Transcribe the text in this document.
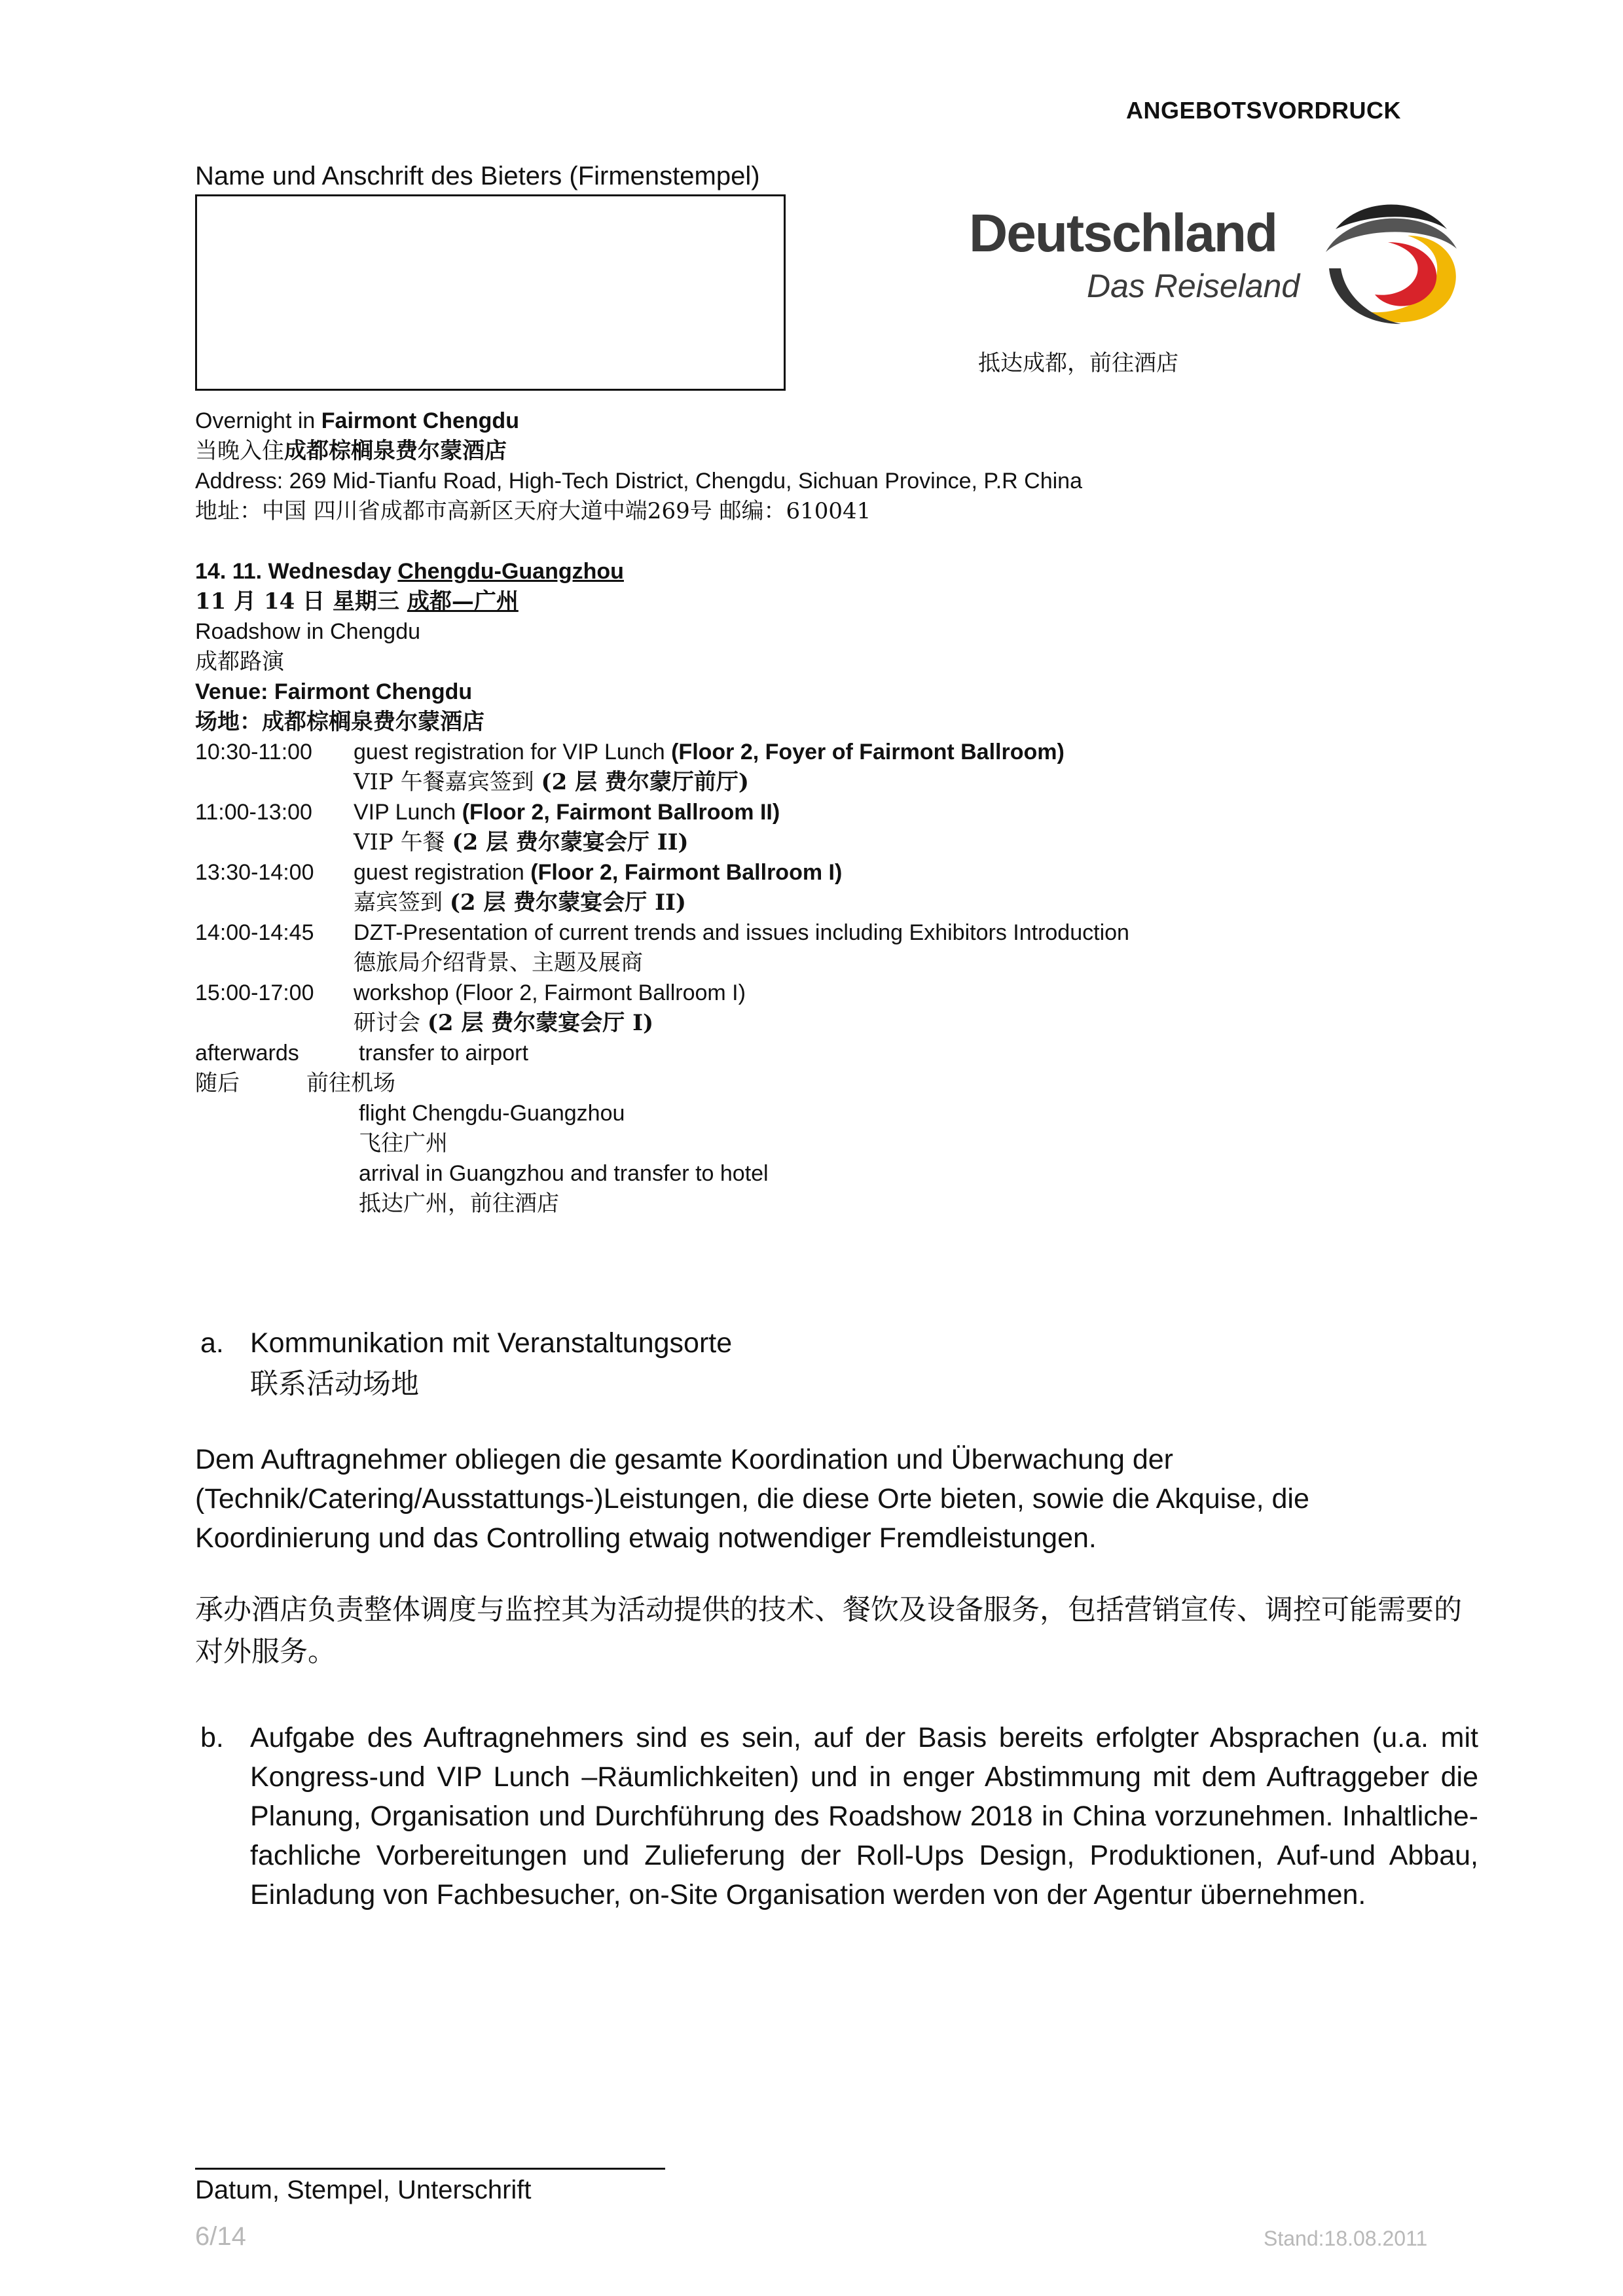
ANGEBOTSVORDRUCK
Name und Anschrift des Bieters (Firmenstempel)
Deutschland
Das Reiseland
抵达成都，前往酒店
Overnight in Fairmont Chengdu
当晚入住成都棕榈泉费尔蒙酒店
Address: 269 Mid-Tianfu Road, High-Tech District, Chengdu, Sichuan Province, P.R China
地址：中国 四川省成都市高新区天府大道中端269号 邮编：610041
14. 11. Wednesday Chengdu-Guangzhou
11 月 14 日 星期三 成都—广州
Roadshow in Chengdu
成都路演
Venue: Fairmont Chengdu
场地：成都棕榈泉费尔蒙酒店
10:30-11:00 guest registration for VIP Lunch (Floor 2, Foyer of Fairmont Ballroom)
VIP 午餐嘉宾签到 (2 层 费尔蒙厅前厅)
11:00-13:00 VIP Lunch (Floor 2, Fairmont Ballroom II)
VIP 午餐 (2 层 费尔蒙宴会厅 II)
13:30-14:00 guest registration (Floor 2, Fairmont Ballroom I)
嘉宾签到 (2 层 费尔蒙宴会厅 II)
14:00-14:45 DZT-Presentation of current trends and issues including Exhibitors Introduction
德旅局介绍背景、主题及展商
15:00-17:00 workshop (Floor 2, Fairmont Ballroom I)
研讨会 (2 层 费尔蒙宴会厅 I)
afterwards	transfer to airport
随后	前往机场
flight Chengdu-Guangzhou
飞往广州
arrival in Guangzhou and transfer to hotel
抵达广州，前往酒店
a. Kommunikation mit Veranstaltungsorte
联系活动场地
Dem Auftragnehmer obliegen die gesamte Koordination und Überwachung der (Technik/Catering/Ausstattungs-)Leistungen, die diese Orte bieten, sowie die Akquise, die Koordinierung und das Controlling etwaig notwendiger Fremdleistungen.
承办酒店负责整体调度与监控其为活动提供的技术、餐饮及设备服务，包括营销宣传、调控可能需要的对外服务。
b. Aufgabe des Auftragnehmers sind es sein, auf der Basis bereits erfolgter Absprachen (u.a. mit Kongress-und VIP Lunch –Räumlichkeiten) und in enger Abstimmung mit dem Auftraggeber die Planung, Organisation und Durchführung des Roadshow 2018 in China vorzunehmen. Inhaltliche-fachliche Vorbereitungen und Zulieferung der Roll-Ups Design, Produktionen, Auf-und Abbau, Einladung von Fachbesucher, on-Site Organisation werden von der Agentur übernehmen.
Datum, Stempel, Unterschrift
6/14	Stand:18.08.2011
